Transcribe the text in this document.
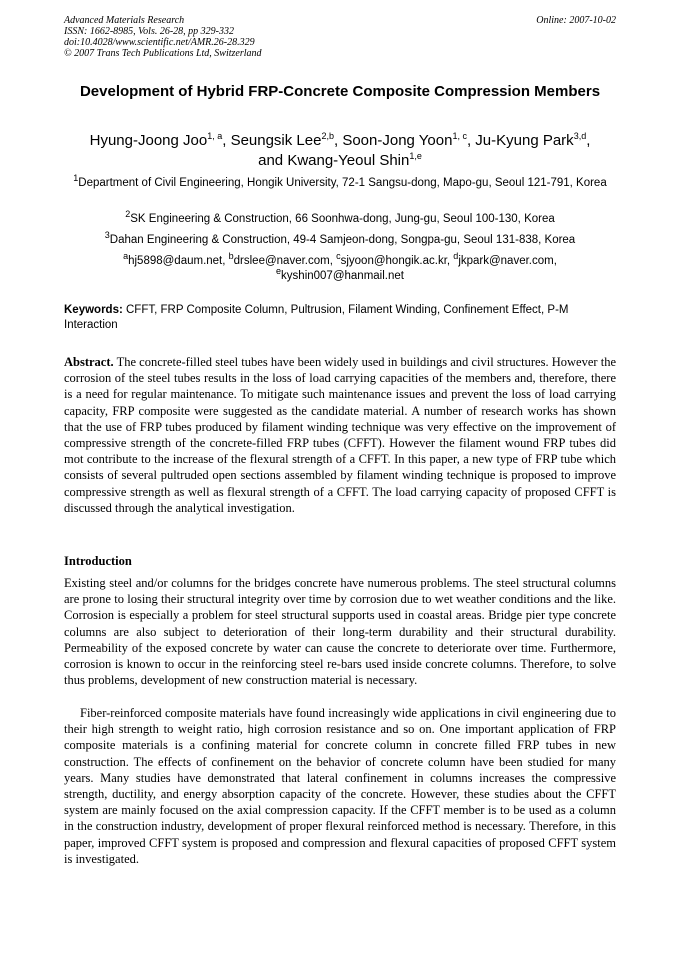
Advanced Materials Research
ISSN: 1662-8985, Vols. 26-28, pp 329-332
doi:10.4028/www.scientific.net/AMR.26-28.329
© 2007 Trans Tech Publications Ltd, Switzerland
Online: 2007-10-02
Development of Hybrid FRP-Concrete Composite Compression Members
Hyung-Joong Joo$^{1, a}$, Seungsik Lee$^{2,b}$, Soon-Jong Yoon$^{1, c}$, Ju-Kyung Park$^{3,d}$,
and Kwang-Yeoul Shin$^{1,e}$
$^1$Department of Civil Engineering, Hongik University, 72-1 Sangsu-dong, Mapo-gu, Seoul 121-791, Korea
$^2$SK Engineering & Construction, 66 Soonhwa-dong, Jung-gu, Seoul 100-130, Korea
$^3$Dahan Engineering & Construction, 49-4 Samjeon-dong, Songpa-gu, Seoul 131-838, Korea
$^a$hj5898@daum.net, $^b$drslee@naver.com, $^c$sjyoon@hongik.ac.kr, $^d$jkpark@naver.com,
$^e$kyshin007@hanmail.net
Keywords: CFFT, FRP Composite Column, Pultrusion, Filament Winding, Confinement Effect, P-M Interaction
Abstract. The concrete-filled steel tubes have been widely used in buildings and civil structures. However the corrosion of the steel tubes results in the loss of load carrying capacities of the members and, therefore, there is a need for regular maintenance. To mitigate such maintenance issues and prevent the loss of load carrying capacity, FRP composite were suggested as the candidate material. A number of research works has shown that the use of FRP tubes produced by filament winding technique was very effective on the improvement of compressive strength of the concrete-filled FRP tubes (CFFT). However the filament wound FRP tubes did mot contribute to the increase of the flexural strength of a CFFT. In this paper, a new type of FRP tube which consists of several pultruded open sections assembled by filament winding technique is proposed to improve compressive strength as well as flexural strength of a CFFT. The load carrying capacity of proposed CFFT is discussed through the analytical investigation.
Introduction

Existing steel and/or columns for the bridges concrete have numerous problems. The steel structural columns are prone to losing their structural integrity over time by corrosion due to wet weather conditions and the like. Corrosion is especially a problem for steel structural supports used in coastal areas. Bridge pier type concrete columns are also subject to deterioration of their long-term durability and their structural durability. Permeability of the exposed concrete by water can cause the concrete to deteriorate over time. Furthermore, corrosion is known to occur in the reinforcing steel re-bars used inside concrete columns. Therefore, to solve thus problems, development of new construction material is necessary.

Fiber-reinforced composite materials have found increasingly wide applications in civil engineering due to their high strength to weight ratio, high corrosion resistance and so on. One important application of FRP composite materials is a confining material for concrete column in concrete filled FRP tubes in new construction. The effects of confinement on the behavior of concrete column have been studied for many years. Many studies have demonstrated that lateral confinement in columns increases the compressive strength, ductility, and energy absorption capacity of the concrete. However, these studies about the CFFT system are mainly focused on the axial compression capacity. If the CFFT member is to be used as a column in the construction industry, development of proper flexural reinforced method is necessary. Therefore, in this paper, improved CFFT system is proposed and compression and flexural capacities of proposed CFFT system is investigated.
